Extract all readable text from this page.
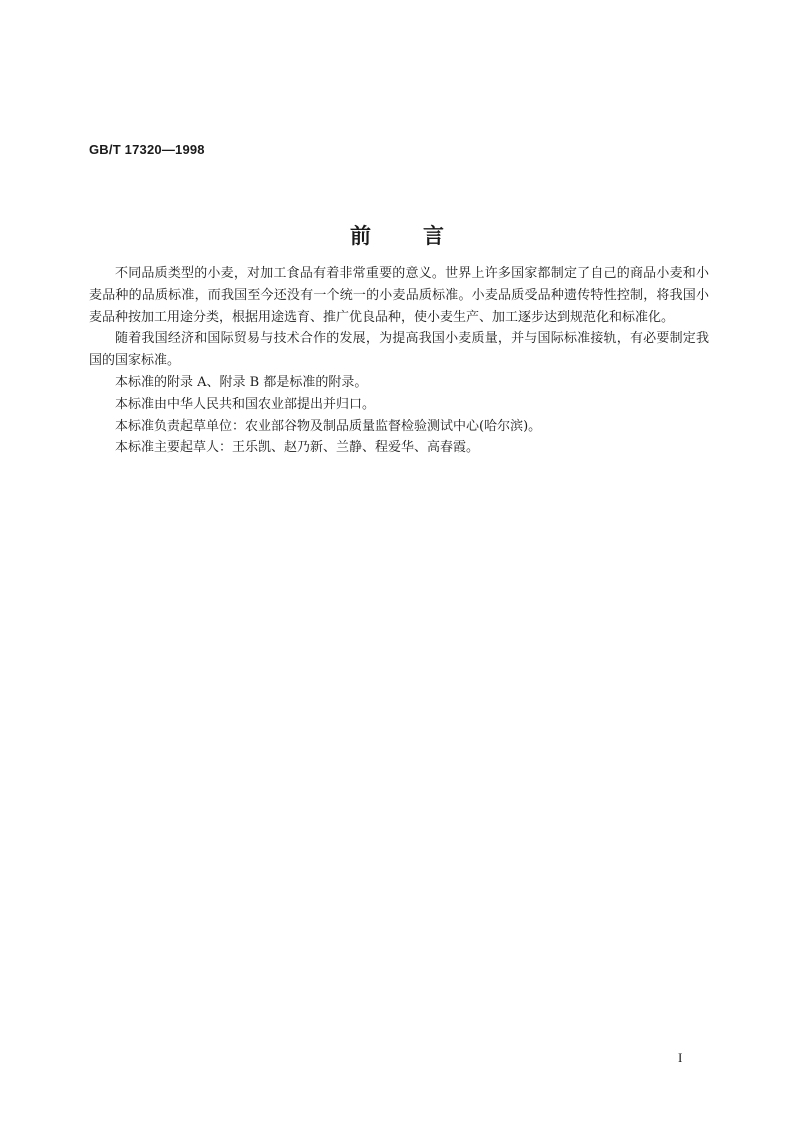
GB/T 17320—1998
前 言

不同品质类型的小麦，对加工食品有着非常重要的意义。世界上许多国家都制定了自己的商品小麦和小麦品种的品质标准，而我国至今还没有一个统一的小麦品质标准。小麦品质受品种遗传特性控制，将我国小麦品种按加工用途分类，根据用途选育、推广优良品种，使小麦生产、加工逐步达到规范化和标准化。

随着我国经济和国际贸易与技术合作的发展，为提高我国小麦质量，并与国际标准接轨，有必要制定我国的国家标准。

本标准的附录 A、附录 B 都是标准的附录。

本标准由中华人民共和国农业部提出并归口。

本标准负责起草单位：农业部谷物及制品质量监督检验测试中心(哈尔滨)。

本标准主要起草人：王乐凯、赵乃新、兰静、程爱华、高春霞。

I
